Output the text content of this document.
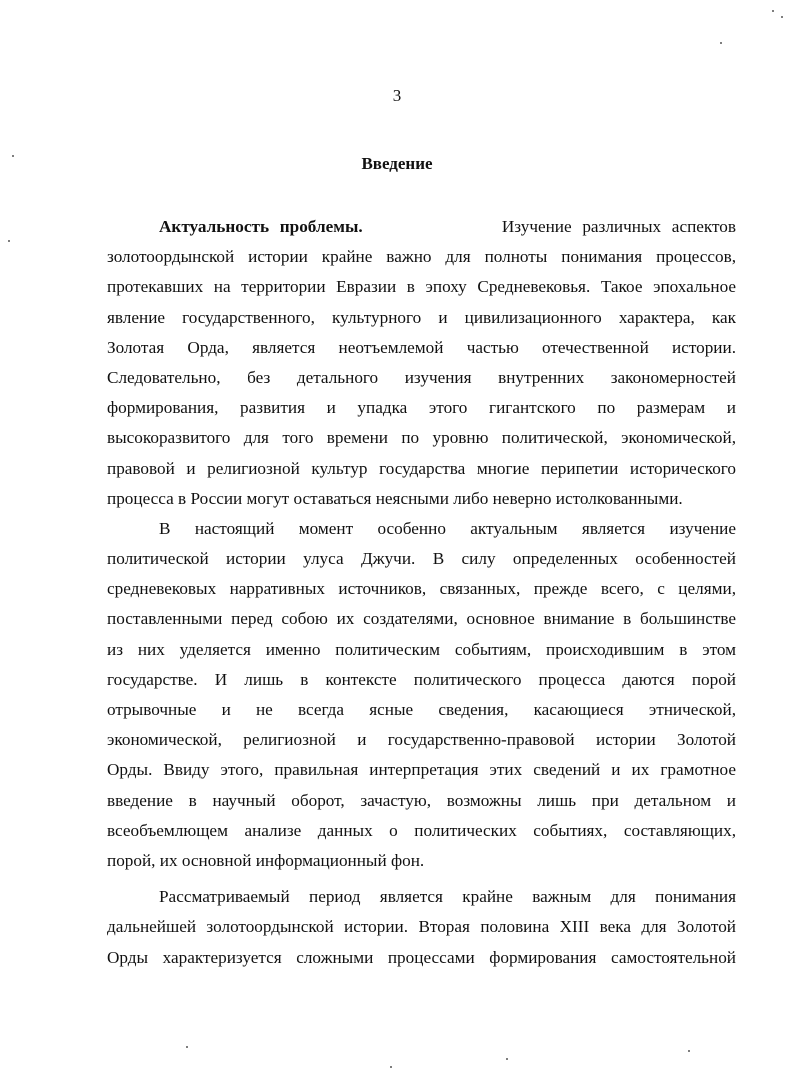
3
Введение
Актуальность проблемы.	Изучение различных аспектов
золотоордынской истории крайне важно для полноты понимания процессов,
протекавших на территории Евразии в эпоху Средневековья. Такое эпохальное
явление государственного, культурного и цивилизационного характера, как
Золотая Орда, является неотъемлемой частью отечественной истории.
Следовательно, без детального изучения внутренних закономерностей
формирования, развития и упадка этого гигантского по размерам и
высокоразвитого для того времени по уровню политической, экономической,
правовой и религиозной культур государства многие перипетии исторического
процесса в России могут оставаться неясными либо неверно истолкованными.
В настоящий момент особенно актуальным является изучение
политической истории улуса Джучи. В силу определенных особенностей
средневековых нарративных источников, связанных, прежде всего, с целями,
поставленными перед собою их создателями, основное внимание в большинстве
из них уделяется именно политическим событиям, происходившим в этом
государстве. И лишь в контексте политического процесса даются порой
отрывочные и не всегда ясные сведения, касающиеся этнической,
экономической, религиозной и государственно-правовой истории Золотой
Орды. Ввиду этого, правильная интерпретация этих сведений и их грамотное
введение в научный оборот, зачастую, возможны лишь при детальном и
всеобъемлющем анализе данных о политических событиях, составляющих,
порой, их основной информационный фон.
Рассматриваемый период является крайне важным для понимания
дальнейшей золотоордынской истории. Вторая половина XIII века для Золотой
Орды характеризуется сложными процессами формирования самостоятельной
